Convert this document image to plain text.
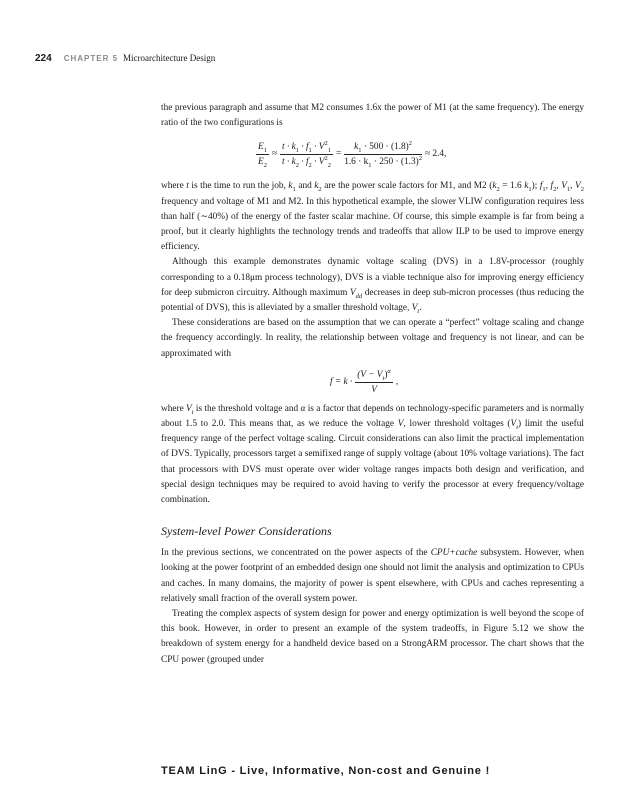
224 CHAPTER 5 Microarchitecture Design

the previous paragraph and assume that M2 consumes 1.6x the power of M1 (at the same frequency). The energy ratio of the two configurations is

$\frac{E_1}{E_2} \approx \frac{t \cdot k_1 \cdot f_1 \cdot V^2_1}{t \cdot k_2 \cdot f_2 \cdot V^2_2} = \frac{k_1 \cdot 500 \cdot (1.8)^2}{1.6 \cdot k_1 \cdot 250 \cdot (1.3)^2} \approx 2.4$,

where t is the time to run the job, $k_1$ and $k_2$ are the power scale factors for M1, and M2 ($k_2 = 1.6$ $k_1$); $f_1$, $f_2$, $V_1$, $V_2$ frequency and voltage of M1 and M2. In this hypothetical example, the slower VLIW configuration requires less than half (∼40%) of the energy of the faster scalar machine. Of course, this simple example is far from being a proof, but it clearly highlights the technology trends and tradeoffs that allow ILP to be used to improve energy efficiency.

Although this example demonstrates dynamic voltage scaling (DVS) in a 1.8V-processor (roughly corresponding to a 0.18μm process technology), DVS is a viable technique also for improving energy efficiency for deep submicron circuitry. Although maximum $V_{dd}$ decreases in deep sub-micron processes (thus reducing the potential of DVS), this is alleviated by a smaller threshold voltage, $V_t$.

These considerations are based on the assumption that we can operate a “perfect” voltage scaling and change the frequency accordingly. In reality, the relationship between voltage and frequency is not linear, and can be approximated with

$f = k \cdot \frac{(V - V_t)^\alpha}{V}$ ,

where $V_t$ is the threshold voltage and α is a factor that depends on technology-specific parameters and is normally about 1.5 to 2.0. This means that, as we reduce the voltage V, lower threshold voltages $(V_t)$ limit the useful frequency range of the perfect voltage scaling. Circuit considerations can also limit the practical implementation of DVS. Typically, processors target a semifixed range of supply voltage (about 10% voltage variations). The fact that processors with DVS must operate over wider voltage ranges impacts both design and verification, and special design techniques may be required to avoid having to verify the processor at every frequency/voltage combination.

System-level Power Considerations

In the previous sections, we concentrated on the power aspects of the CPU+cache subsystem. However, when looking at the power footprint of an embedded design one should not limit the analysis and optimization to CPUs and caches. In many domains, the majority of power is spent elsewhere, with CPUs and caches representing a relatively small fraction of the overall system power.

Treating the complex aspects of system design for power and energy optimization is well beyond the scope of this book. However, in order to present an example of the system tradeoffs, in Figure 5.12 we show the breakdown of system energy for a handheld device based on a StrongARM processor. The chart shows that the CPU power (grouped under

TEAM LinG - Live, Informative, Non-cost and Genuine !
